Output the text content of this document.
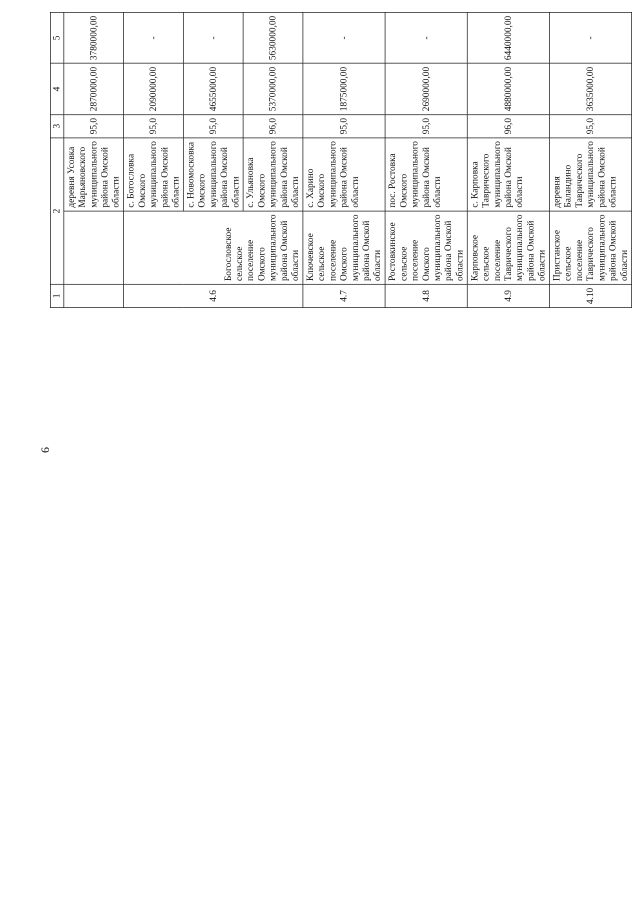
6
1	2		3	4	5
		деревня Усовка Марьяновского муниципального района Омской области	95,0	2870000,00	3780000,00
4.6	Богословское сельское поселение Омского муниципального района Омской области	с. Богословка Омского муниципального района Омской области	95,0	2090000,00	-
		с. Новомосковка Омского муниципального района Омской области	95,0	4655000,00	-
		с. Ульяновка Омского муниципального района Омской области	96,0	5370000,00	5630000,00
4.7	Ключевское сельское поселение Омского муниципального района Омской области	с. Харино Омского муниципального района Омской области	95,0	1875000,00	-
4.8	Ростовкинское сельское поселение Омского муниципального района Омской области	пос. Ростовка Омского муниципального района Омской области	95,0	2690000,00	-
4.9	Карповское сельское поселение Таврического муниципального района Омской области	с. Карповка Таврического муниципального района Омской области	96,0	4880000,00	6440000,00
4.10	Пристанское сельское поселение Таврического муниципального района Омской области	деревня Баландино Таврического муниципального района Омской области	95,0	3635000,00	-
